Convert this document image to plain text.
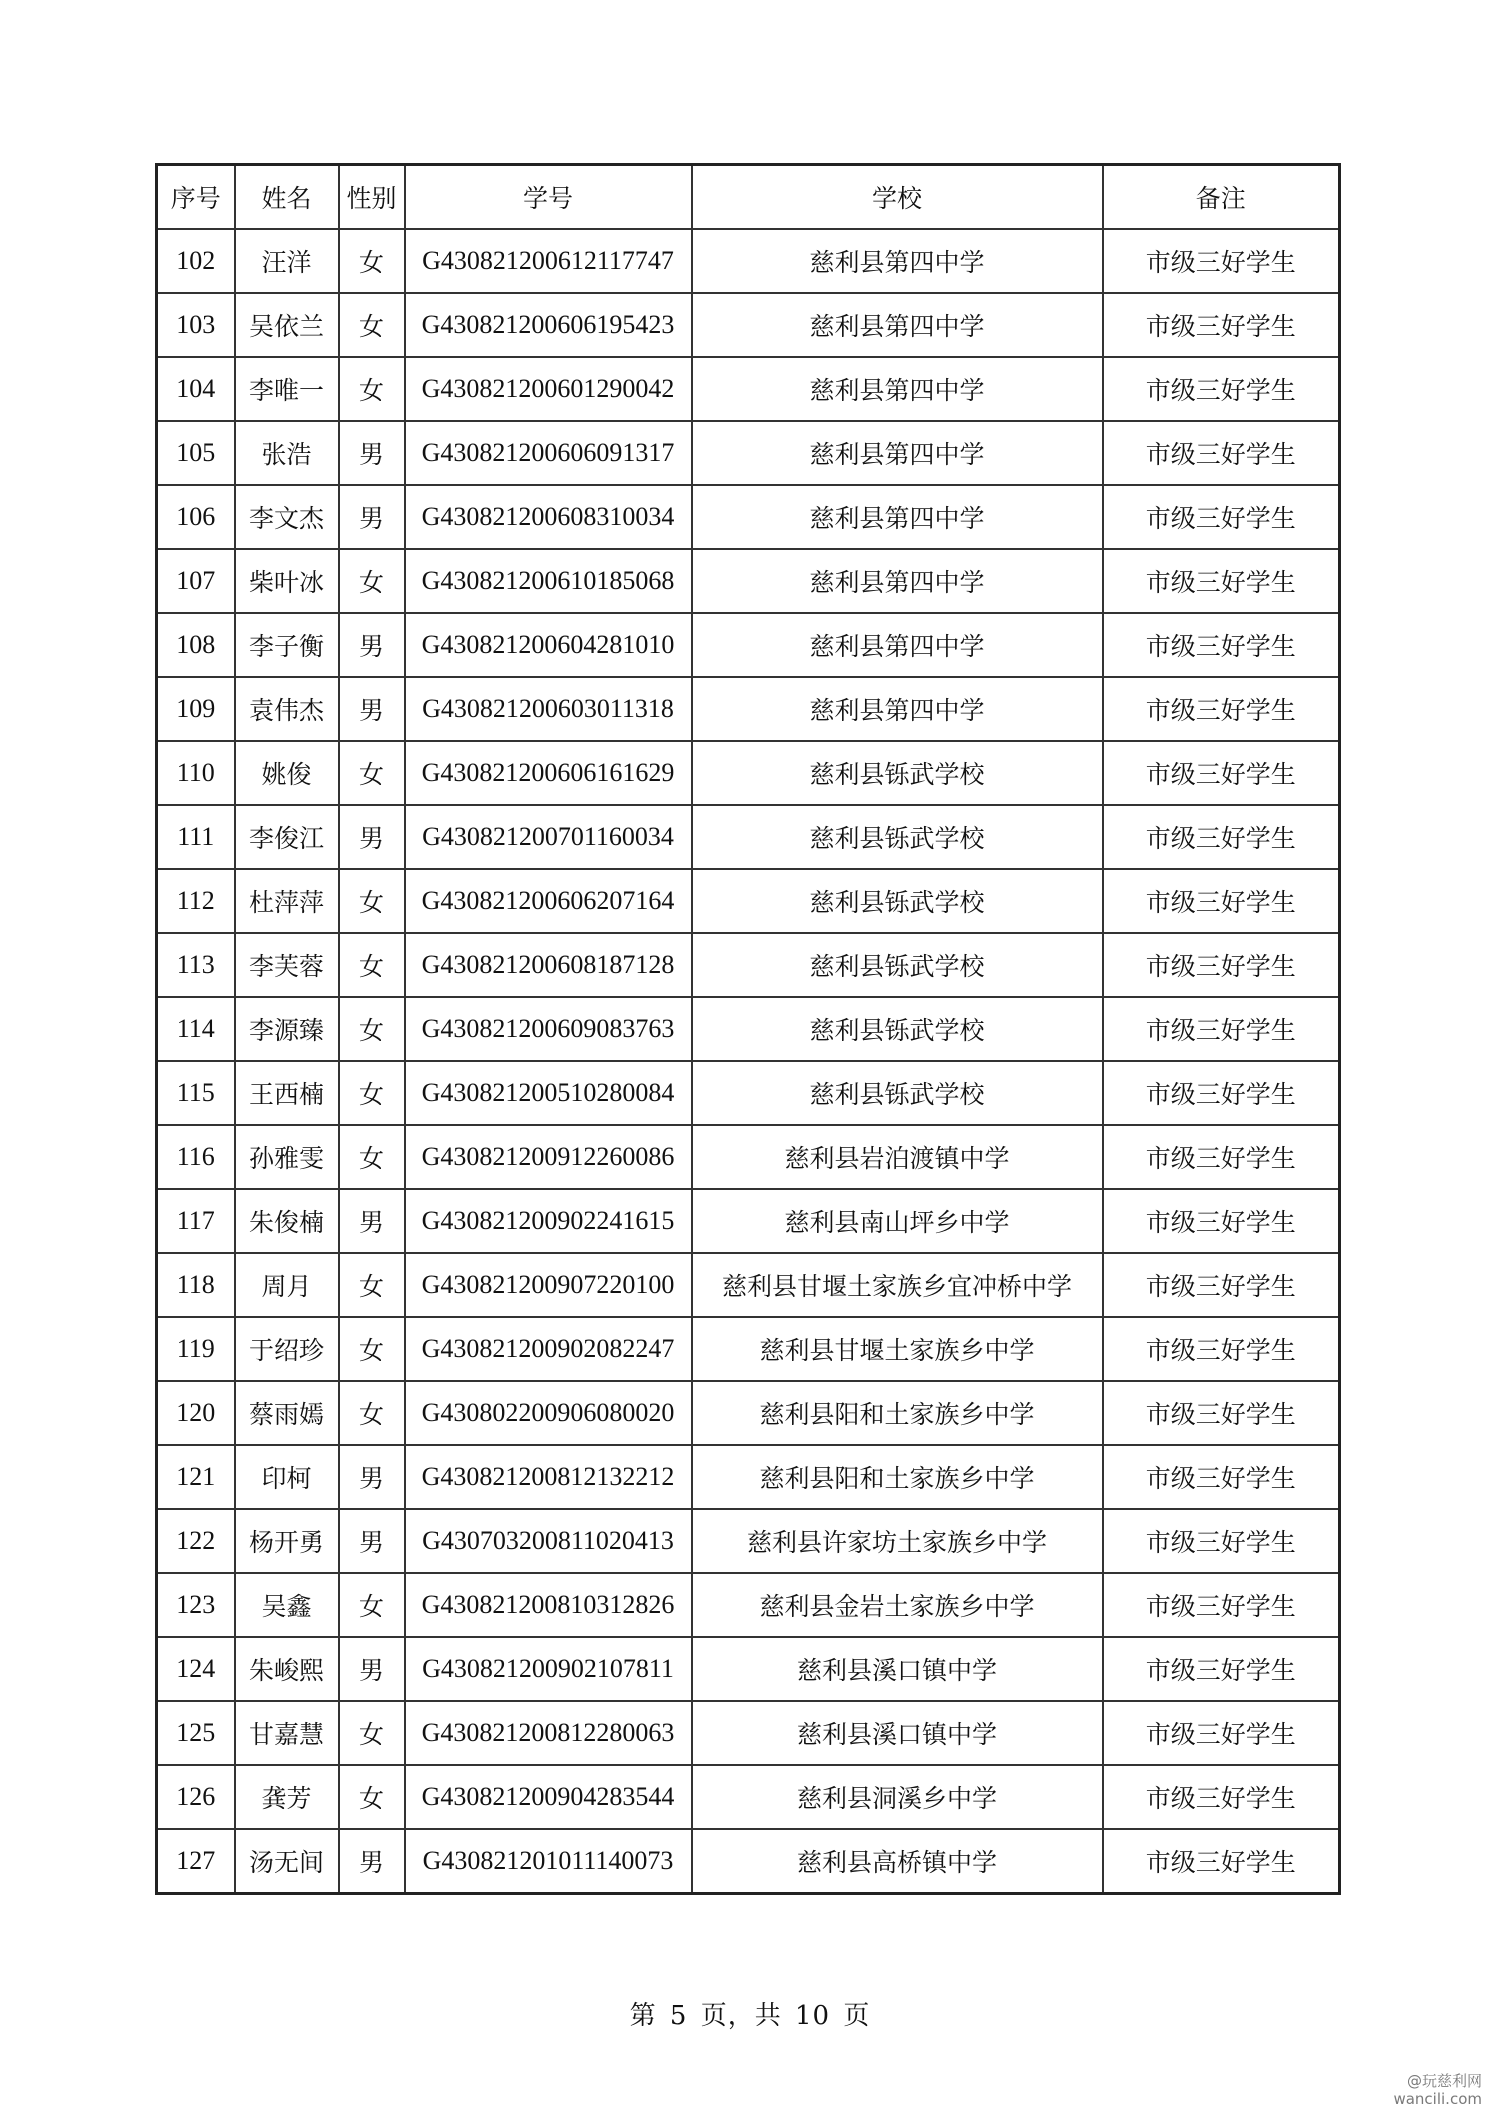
序号	姓名	性别	学号	学校	备注
102	汪洋	女	G430821200612117747	慈利县第四中学	市级三好学生
103	吴依兰	女	G430821200606195423	慈利县第四中学	市级三好学生
104	李唯一	女	G430821200601290042	慈利县第四中学	市级三好学生
105	张浩	男	G430821200606091317	慈利县第四中学	市级三好学生
106	李文杰	男	G430821200608310034	慈利县第四中学	市级三好学生
107	柴叶冰	女	G430821200610185068	慈利县第四中学	市级三好学生
108	李子衡	男	G430821200604281010	慈利县第四中学	市级三好学生
109	袁伟杰	男	G430821200603011318	慈利县第四中学	市级三好学生
110	姚俊	女	G430821200606161629	慈利县铄武学校	市级三好学生
111	李俊江	男	G430821200701160034	慈利县铄武学校	市级三好学生
112	杜萍萍	女	G430821200606207164	慈利县铄武学校	市级三好学生
113	李芙蓉	女	G430821200608187128	慈利县铄武学校	市级三好学生
114	李源臻	女	G430821200609083763	慈利县铄武学校	市级三好学生
115	王西楠	女	G430821200510280084	慈利县铄武学校	市级三好学生
116	孙雅雯	女	G430821200912260086	慈利县岩泊渡镇中学	市级三好学生
117	朱俊楠	男	G430821200902241615	慈利县南山坪乡中学	市级三好学生
118	周月	女	G430821200907220100	慈利县甘堰土家族乡宜冲桥中学	市级三好学生
119	于绍珍	女	G430821200902082247	慈利县甘堰土家族乡中学	市级三好学生
120	蔡雨嫣	女	G430802200906080020	慈利县阳和土家族乡中学	市级三好学生
121	印柯	男	G430821200812132212	慈利县阳和土家族乡中学	市级三好学生
122	杨开勇	男	G430703200811020413	慈利县许家坊土家族乡中学	市级三好学生
123	吴鑫	女	G430821200810312826	慈利县金岩土家族乡中学	市级三好学生
124	朱峻熙	男	G430821200902107811	慈利县溪口镇中学	市级三好学生
125	甘嘉慧	女	G430821200812280063	慈利县溪口镇中学	市级三好学生
126	龚芳	女	G430821200904283544	慈利县洞溪乡中学	市级三好学生
127	汤无间	男	G430821201011140073	慈利县高桥镇中学	市级三好学生
第 5 页，共 10 页
@玩慈利网
wancili.com
